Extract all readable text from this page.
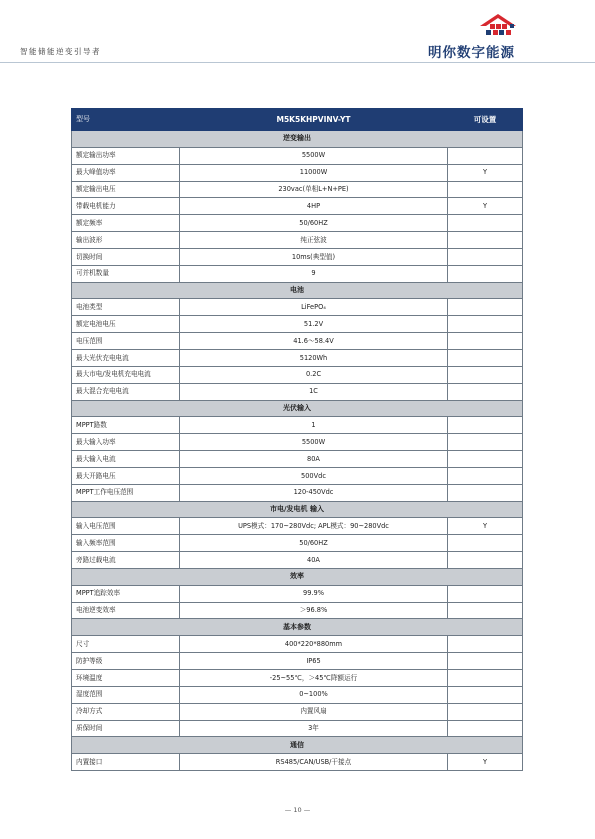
智能储能逆变引导者	明你数字能源
型号	M5K5KHPVINV-YT	可设置
逆变输出		
额定输出功率	5500W	
最大峰值功率	11000W	Y
额定输出电压	230vac(单相L+N+PE)	
带载电机能力	4HP	Y
额定频率	50/60HZ	
输出波形	纯正弦波	
切换时间	10ms(典型值)	
可并机数量	9	
电池		
电池类型	LiFePO₄	
额定电池电压	51.2V	
电压范围	41.6～58.4V	
最大光伏充电电流	5120Wh	
最大市电/发电机充电电流	0.2C	
最大混合充电电流	1C	
光伏输入		
MPPT路数	1	
最大输入功率	5500W	
最大输入电流	80A	
最大开路电压	500Vdc	
MPPT工作电压范围	120-450Vdc	
市电/发电机 输入		
输入电压范围	UPS模式：170~280Vdc; APL模式：90~280Vdc	Y
输入频率范围	50/60HZ	
旁路过载电流	40A	
效率		
MPPT追踪效率	99.9%	
电池逆变效率	＞96.8%	
基本参数		
尺寸	400*220*880mm	
防护等级	IP65	
环境温度	-25~55℃，＞45℃降额运行	
湿度范围	0~100%	
冷却方式	内置风扇	
质保时间	3年	
通信		
内置接口	RS485/CAN/USB/干接点	Y
— 10 —
